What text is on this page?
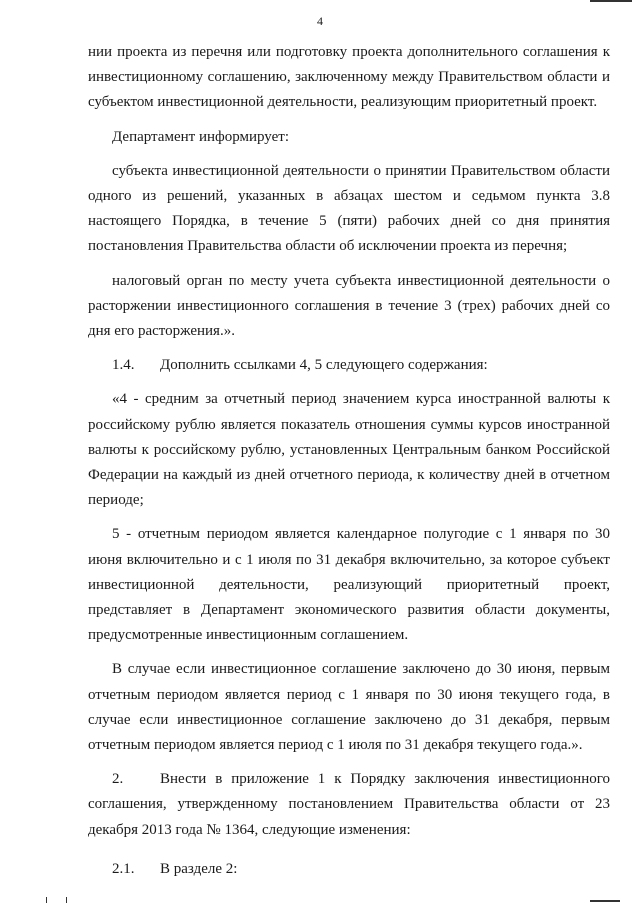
4

нии проекта из перечня или подготовку проекта дополнительного соглашения к инвестиционному соглашению, заключенному между Правительством области и субъектом инвестиционной деятельности, реализующим приоритетный проект.

Департамент информирует:

субъекта инвестиционной деятельности о принятии Правительством области одного из решений, указанных в абзацах шестом и седьмом пункта 3.8 настоящего Порядка, в течение 5 (пяти) рабочих дней со дня принятия постановления Правительства области об исключении проекта из перечня;

налоговый орган по месту учета субъекта инвестиционной деятельности о расторжении инвестиционного соглашения в течение 3 (трех) рабочих дней со дня его расторжения.».

1.4. Дополнить ссылками 4, 5 следующего содержания:

«4 - средним за отчетный период значением курса иностранной валюты к российскому рублю является показатель отношения суммы курсов иностранной валюты к российскому рублю, установленных Центральным банком Российской Федерации на каждый из дней отчетного периода, к количеству дней в отчетном периоде;

5 - отчетным периодом является календарное полугодие с 1 января по 30 июня включительно и с 1 июля по 31 декабря включительно, за которое субъект инвестиционной деятельности, реализующий приоритетный проект, представляет в Департамент экономического развития области документы, предусмотренные инвестиционным соглашением.

В случае если инвестиционное соглашение заключено до 30 июня, первым отчетным периодом является период с 1 января по 30 июня текущего года, в случае если инвестиционное соглашение заключено до 31 декабря, первым отчетным периодом является период с 1 июля по 31 декабря текущего года.».

2. Внести в приложение 1 к Порядку заключения инвестиционного соглашения, утвержденному постановлением Правительства области от 23 декабря 2013 года № 1364, следующие изменения:

2.1. В разделе 2:
